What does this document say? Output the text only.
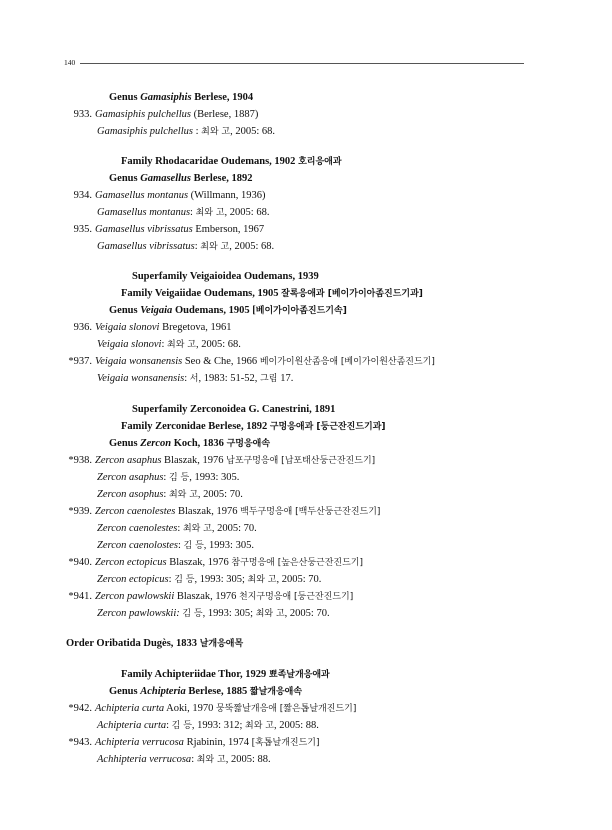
140
Genus Gamasiphis Berlese, 1904
933. Gamasiphis pulchellus (Berlese, 1887)
Gamasiphis pulchellus : 최와 고, 2005: 68.
Family Rhodacaridae Oudemans, 1902 호리응애과
Genus Gamasellus Berlese, 1892
934. Gamasellus montanus (Willmann, 1936)
Gamasellus montanus: 최와 고, 2005: 68.
935. Gamasellus vibrissatus Emberson, 1967
Gamasellus vibrissatus: 최와 고, 2005: 68.
Superfamily Veigaioidea Oudemans, 1939
Family Veigaiidae Oudemans, 1905 잘록응애과 [베이가이아좀진드기과]
Genus Veigaia Oudemans, 1905 [베이가이아좀진드기속]
936. Veigaia slonovi Bregetova, 1961
Veigaia slonovi: 최와 고, 2005: 68.
*937. Veigaia wonsanensis Seo & Che, 1966 베이가이원산좀응애 [베이가이원산좀진드기]
Veigaia wonsanensis: 서, 1983: 51-52, 그림 17.
Superfamily Zerconoidea G. Canestrini, 1891
Family Zerconidae Berlese, 1892 구멍응애과 [둥근잔진드기과]
Genus Zercon Koch, 1836 구멍응애속
*938. Zercon asaphus Blaszak, 1976 납포구멍응애 [납포태산둥근잔진드기]
Zercon asaphus: 김 등, 1993: 305.
Zercon asophus: 최와 고, 2005: 70.
*939. Zercon caenolestes Blaszak, 1976 백두구멍응애 [백두산둥근잔진드기]
Zercon caenolestes: 최와 고, 2005: 70.
Zercon caenolostes: 김 등, 1993: 305.
*940. Zercon ectopicus Blaszak, 1976 참구멍응애 [높은산둥근잔진드기]
Zercon ectopicus: 김 등, 1993: 305; 최와 고, 2005: 70.
*941. Zercon pawlowskii Blaszak, 1976 천지구멍응애 [둥근잔진드기]
Zercon pawlowskii: 김 등, 1993: 305; 최와 고, 2005: 70.
Order Oribatida Dugès, 1833 날개응애목
Family Achipteriidae Thor, 1929 뾰족날개응애과
Genus Achipteria Berlese, 1885 짧날개응애속
*942. Achipteria curta Aoki, 1970 뭉뚝짧날개응애 [짧은톱날개진드기]
Achipteria curta: 김 등, 1993: 312; 최와 고, 2005: 88.
*943. Achipteria verrucosa Rjabinin, 1974 [혹톱날개진드기]
Achhipteria verrucosa: 최와 고, 2005: 88.
